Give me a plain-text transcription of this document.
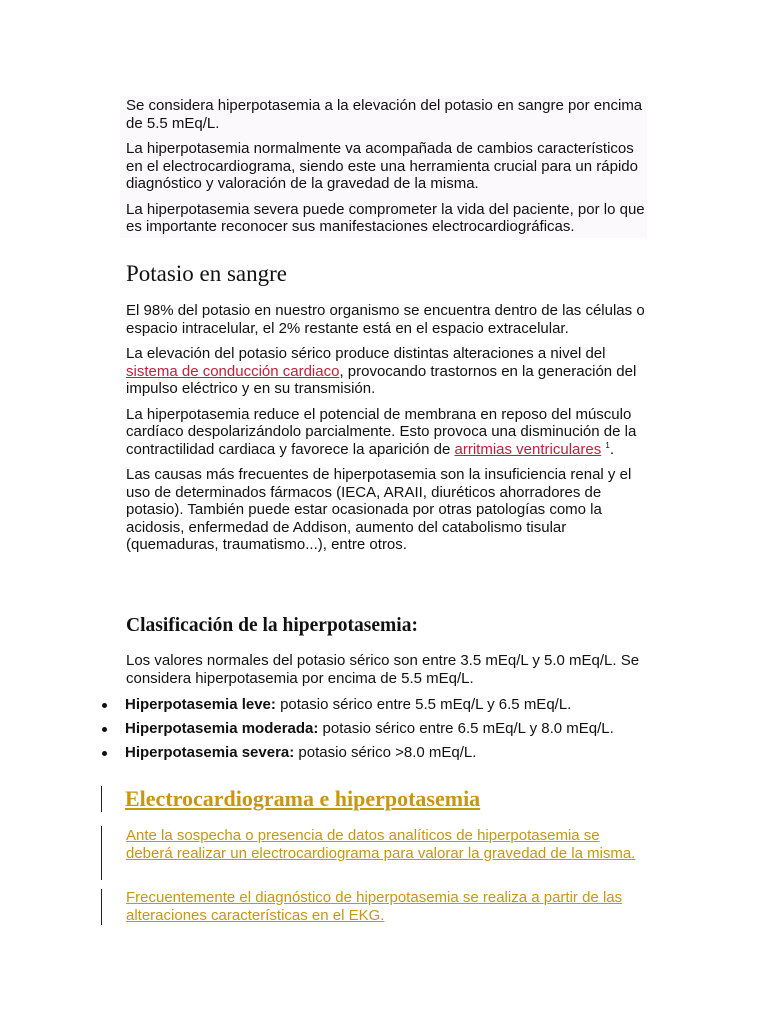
Se considera hiperpotasemia a la elevación del potasio en sangre por encima de 5.5 mEq/L.

La hiperpotasemia normalmente va acompañada de cambios característicos en el electrocardiograma, siendo este una herramienta crucial para un rápido diagnóstico y valoración de la gravedad de la misma.

La hiperpotasemia severa puede comprometer la vida del paciente, por lo que es importante reconocer sus manifestaciones electrocardiográficas.

Potasio en sangre

El 98% del potasio en nuestro organismo se encuentra dentro de las células o espacio intracelular, el 2% restante está en el espacio extracelular.

La elevación del potasio sérico produce distintas alteraciones a nivel del sistema de conducción cardiaco, provocando trastornos en la generación del impulso eléctrico y en su transmisión.

La hiperpotasemia reduce el potencial de membrana en reposo del músculo cardíaco despolarizándolo parcialmente. Esto provoca una disminución de la contractilidad cardiaca y favorece la aparición de arritmias ventriculares $^1$.

Las causas más frecuentes de hiperpotasemia son la insuficiencia renal y el uso de determinados fármacos (IECA, ARAII, diuréticos ahorradores de potasio). También puede estar ocasionada por otras patologías como la acidosis, enfermedad de Addison, aumento del catabolismo tisular (quemaduras, traumatismo...), entre otros.

Clasificación de la hiperpotasemia:

Los valores normales del potasio sérico son entre 3.5 mEq/L y 5.0 mEq/L. Se considera hiperpotasemia por encima de 5.5 mEq/L.

Hiperpotasemia leve: potasio sérico entre 5.5 mEq/L y 6.5 mEq/L.
Hiperpotasemia moderada: potasio sérico entre 6.5 mEq/L y 8.0 mEq/L.
Hiperpotasemia severa: potasio sérico >8.0 mEq/L.
Electrocardiograma e hiperpotasemia

Ante la sospecha o presencia de datos analíticos de hiperpotasemia se deberá realizar un electrocardiograma para valorar la gravedad de la misma.

Frecuentemente el diagnóstico de hiperpotasemia se realiza a partir de las alteraciones características en el EKG.
